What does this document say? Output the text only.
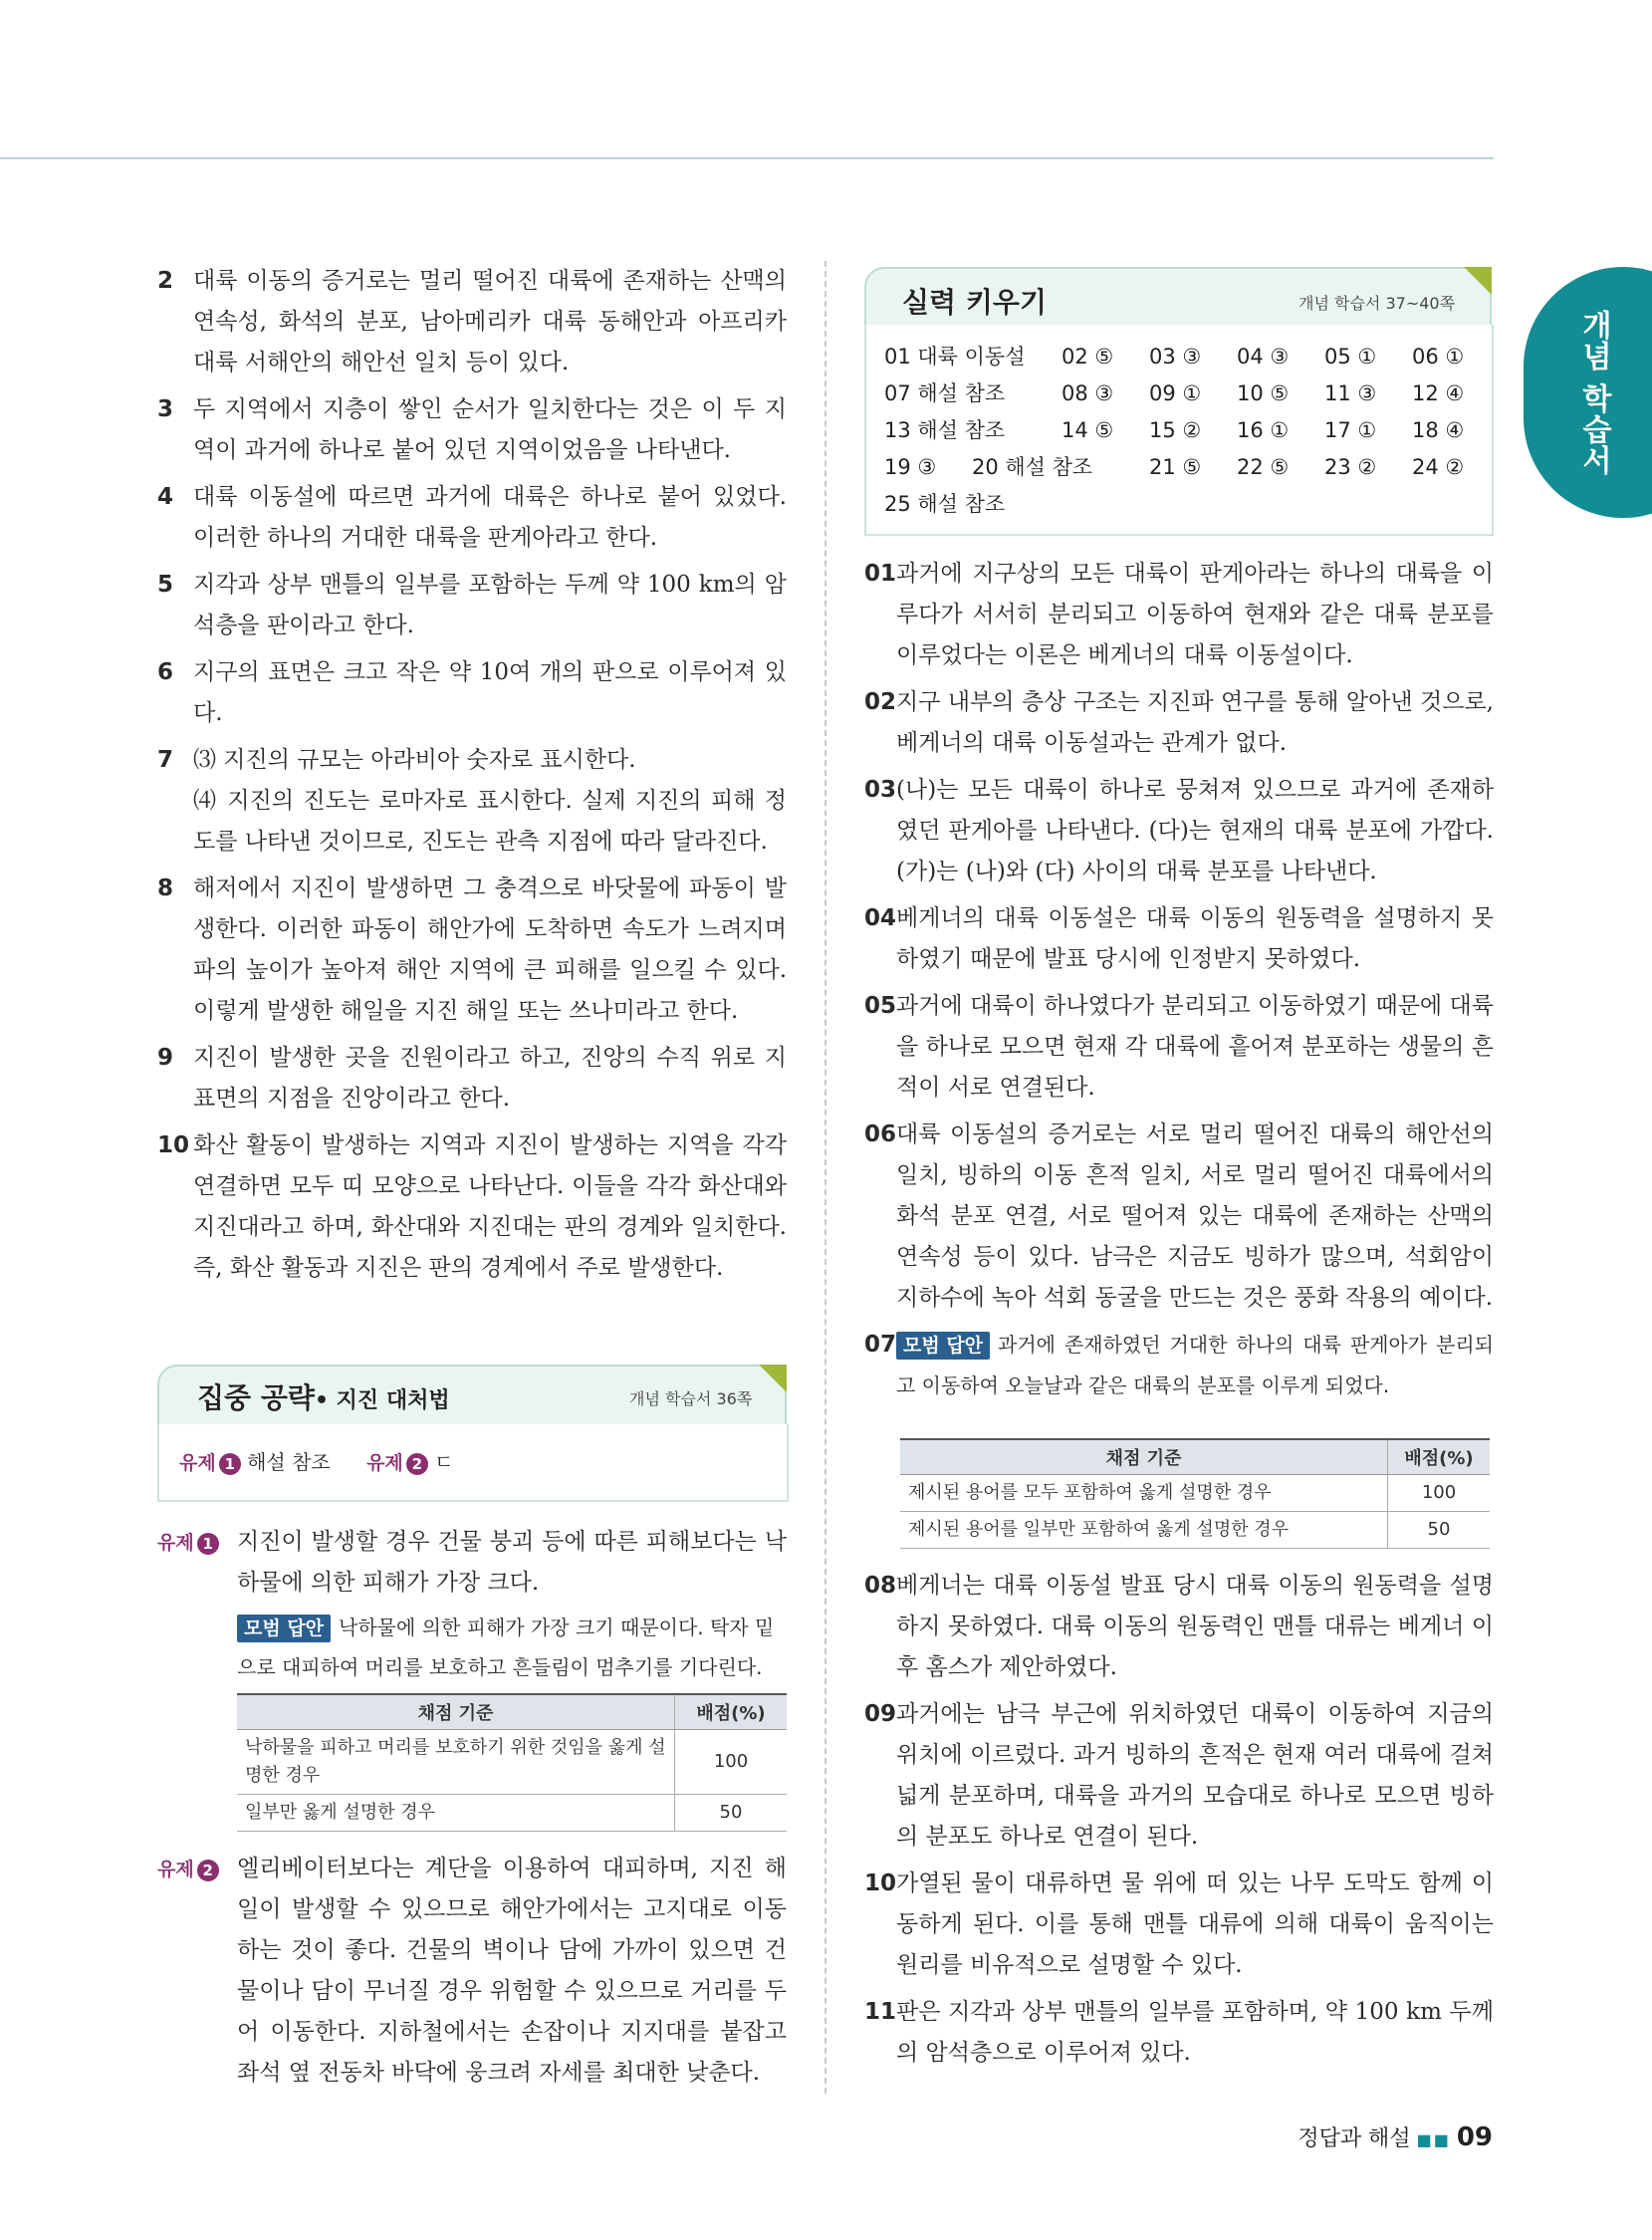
개념 학습서
2 대륙 이동의 증거로는 멀리 떨어진 대륙에 존재하는 산맥의 연속성, 화석의 분포, 남아메리카 대륙 동해안과 아프리카 대륙 서해안의 해안선 일치 등이 있다.
3 두 지역에서 지층이 쌓인 순서가 일치한다는 것은 이 두 지역이 과거에 하나로 붙어 있던 지역이었음을 나타낸다.
4 대륙 이동설에 따르면 과거에 대륙은 하나로 붙어 있었다. 이러한 하나의 거대한 대륙을 판게아라고 한다.
5 지각과 상부 맨틀의 일부를 포함하는 두께 약 100 km의 암석층을 판이라고 한다.
6 지구의 표면은 크고 작은 약 10여 개의 판으로 이루어져 있다.
7 ⑶ 지진의 규모는 아라비아 숫자로 표시한다.
⑷ 지진의 진도는 로마자로 표시한다. 실제 지진의 피해 정도를 나타낸 것이므로, 진도는 관측 지점에 따라 달라진다.
8 해저에서 지진이 발생하면 그 충격으로 바닷물에 파동이 발생한다. 이러한 파동이 해안가에 도착하면 속도가 느려지며 파의 높이가 높아져 해안 지역에 큰 피해를 일으킬 수 있다. 이렇게 발생한 해일을 지진 해일 또는 쓰나미라고 한다.
9 지진이 발생한 곳을 진원이라고 하고, 진앙의 수직 위로 지표면의 지점을 진앙이라고 한다.
10 화산 활동이 발생하는 지역과 지진이 발생하는 지역을 각각 연결하면 모두 띠 모양으로 나타난다. 이들을 각각 화산대와 지진대라고 하며, 화산대와 지진대는 판의 경계와 일치한다. 즉, 화산 활동과 지진은 판의 경계에서 주로 발생한다.
집중 공략• 지진 대처법	개념 학습서 36쪽
유제 1 해설 참조 유제 2 ㄷ
유제 1 지진이 발생할 경우 건물 붕괴 등에 따른 피해보다는 낙하물에 의한 피해가 가장 크다.
모범 답안 낙하물에 의한 피해가 가장 크기 때문이다. 탁자 밑으로 대피하여 머리를 보호하고 흔들림이 멈추기를 기다린다.
채점 기준	배점(%)
낙하물을 피하고 머리를 보호하기 위한 것임을 옳게 설명한 경우	100
일부만 옳게 설명한 경우	50
유제 2 엘리베이터보다는 계단을 이용하여 대피하며, 지진 해일이 발생할 수 있으므로 해안가에서는 고지대로 이동하는 것이 좋다. 건물의 벽이나 담에 가까이 있으면 건물이나 담이 무너질 경우 위험할 수 있으므로 거리를 두어 이동한다. 지하철에서는 손잡이나 지지대를 붙잡고 좌석 옆 전동차 바닥에 웅크려 자세를 최대한 낮춘다.
실력 키우기	개념 학습서 37~40쪽
01 대륙 이동설	02 ⑤	03 ③	04 ③	05 ①	06 ①
07 해설 참조	08 ③	09 ①	10 ⑤	11 ③	12 ④
13 해설 참조	14 ⑤	15 ②	16 ①	17 ①	18 ④
19 ③	20 해설 참조	21 ⑤	22 ⑤	23 ②	24 ②
25 해설 참조
01 과거에 지구상의 모든 대륙이 판게아라는 하나의 대륙을 이루다가 서서히 분리되고 이동하여 현재와 같은 대륙 분포를 이루었다는 이론은 베게너의 대륙 이동설이다.
02 지구 내부의 층상 구조는 지진파 연구를 통해 알아낸 것으로, 베게너의 대륙 이동설과는 관계가 없다.
03 (나)는 모든 대륙이 하나로 뭉쳐져 있으므로 과거에 존재하였던 판게아를 나타낸다. (다)는 현재의 대륙 분포에 가깝다. (가)는 (나)와 (다) 사이의 대륙 분포를 나타낸다.
04 베게너의 대륙 이동설은 대륙 이동의 원동력을 설명하지 못하였기 때문에 발표 당시에 인정받지 못하였다.
05 과거에 대륙이 하나였다가 분리되고 이동하였기 때문에 대륙을 하나로 모으면 현재 각 대륙에 흩어져 분포하는 생물의 흔적이 서로 연결된다.
06 대륙 이동설의 증거로는 서로 멀리 떨어진 대륙의 해안선의 일치, 빙하의 이동 흔적 일치, 서로 멀리 떨어진 대륙에서의 화석 분포 연결, 서로 떨어져 있는 대륙에 존재하는 산맥의 연속성 등이 있다. 남극은 지금도 빙하가 많으며, 석회암이 지하수에 녹아 석회 동굴을 만드는 것은 풍화 작용의 예이다.
07 모범 답안 과거에 존재하였던 거대한 하나의 대륙 판게아가 분리되고 이동하여 오늘날과 같은 대륙의 분포를 이루게 되었다.
채점 기준	배점(%)
제시된 용어를 모두 포함하여 옳게 설명한 경우	100
제시된 용어를 일부만 포함하여 옳게 설명한 경우	50
08 베게너는 대륙 이동설 발표 당시 대륙 이동의 원동력을 설명하지 못하였다. 대륙 이동의 원동력인 맨틀 대류는 베게너 이후 홈스가 제안하였다.
09 과거에는 남극 부근에 위치하였던 대륙이 이동하여 지금의 위치에 이르렀다. 과거 빙하의 흔적은 현재 여러 대륙에 걸쳐 넓게 분포하며, 대륙을 과거의 모습대로 하나로 모으면 빙하의 분포도 하나로 연결이 된다.
10 가열된 물이 대류하면 물 위에 떠 있는 나무 도막도 함께 이동하게 된다. 이를 통해 맨틀 대류에 의해 대륙이 움직이는 원리를 비유적으로 설명할 수 있다.
11 판은 지각과 상부 맨틀의 일부를 포함하며, 약 100 km 두께의 암석층으로 이루어져 있다.
정답과 해설 ■■ 09
